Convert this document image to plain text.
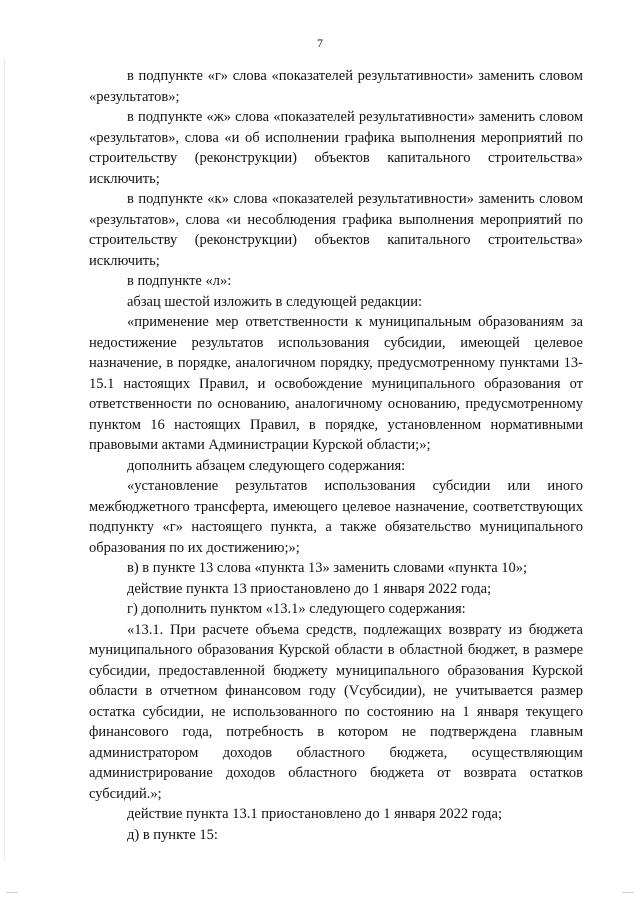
7

в подпункте «г» слова «показателей результативности» заменить словом «результатов»;

в подпункте «ж» слова «показателей результативности» заменить словом «результатов», слова «и об исполнении графика выполнения мероприятий по строительству (реконструкции) объектов капитального строительства» исключить;

в подпункте «к» слова «показателей результативности» заменить словом «результатов», слова «и несоблюдения графика выполнения мероприятий по строительству (реконструкции) объектов капитального строительства» исключить;

в подпункте «л»:

абзац шестой изложить в следующей редакции:

«применение мер ответственности к муниципальным образованиям за недостижение результатов использования субсидии, имеющей целевое назначение, в порядке, аналогичном порядку, предусмотренному пунктами 13-15.1 настоящих Правил, и освобождение муниципального образования от ответственности по основанию, аналогичному основанию, предусмотренному пунктом 16 настоящих Правил, в порядке, установленном нормативными правовыми актами Администрации Курской области;»;

дополнить абзацем следующего содержания:

«установление результатов использования субсидии или иного межбюджетного трансферта, имеющего целевое назначение, соответствующих подпункту «г» настоящего пункта, а также обязательство муниципального образования по их достижению;»;

в) в пункте 13 слова «пункта 13» заменить словами «пункта 10»;

действие пункта 13 приостановлено до 1 января 2022 года;

г) дополнить пунктом «13.1» следующего содержания:

«13.1. При расчете объема средств, подлежащих возврату из бюджета муниципального образования Курской области в областной бюджет, в размере субсидии, предоставленной бюджету муниципального образования Курской области в отчетном финансовом году (Vсубсидии), не учитывается размер остатка субсидии, не использованного по состоянию на 1 января текущего финансового года, потребность в котором не подтверждена главным администратором доходов областного бюджета, осуществляющим администрирование доходов областного бюджета от возврата остатков субсидий.»;

действие пункта 13.1 приостановлено до 1 января 2022 года;

д) в пункте 15:
